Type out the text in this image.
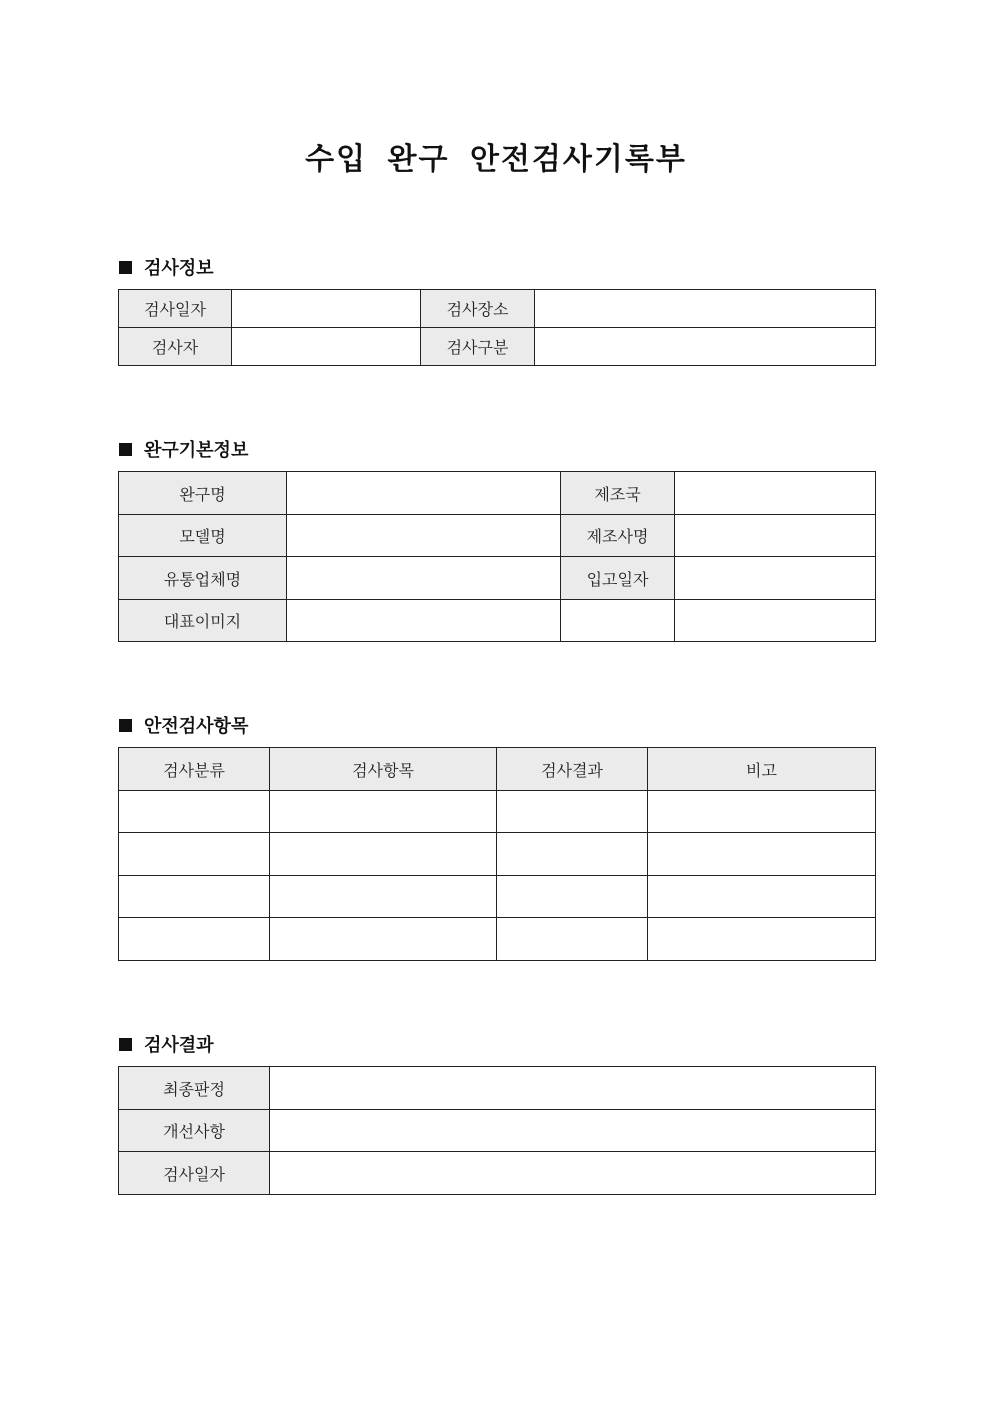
수입 완구 안전검사기록부
검사정보
검사일자		검사장소	
검사자		검사구분	
완구기본정보
완구명		제조국	
모델명		제조사명	
유통업체명		입고일자	
대표이미지			
안전검사항목
검사분류	검사항목	검사결과	비고

검사결과
최종판정	
개선사항	
검사일자	
